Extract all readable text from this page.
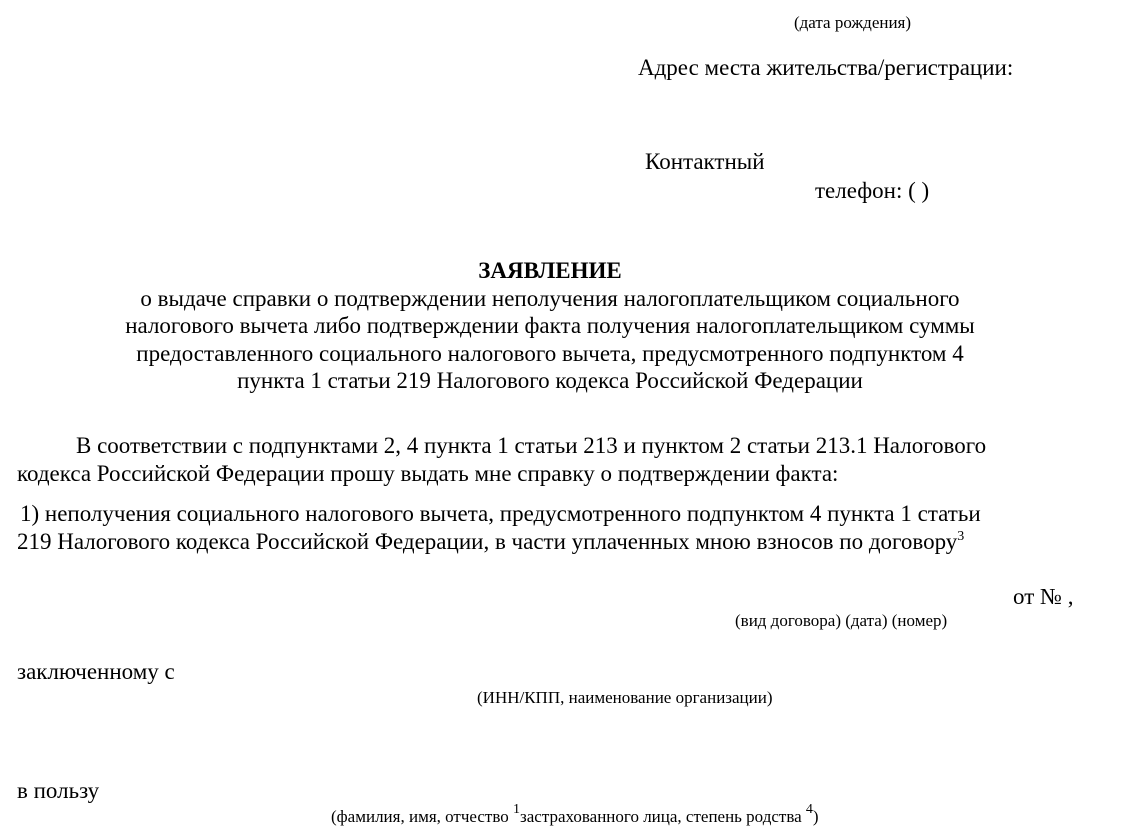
(дата рождения)
Адрес места жительства/регистрации:
Контактный
телефон: ( )
ЗАЯВЛЕНИЕ
о выдаче справки о подтверждении неполучения налогоплательщиком социального
налогового вычета либо подтверждении факта получения налогоплательщиком суммы
предоставленного социального налогового вычета, предусмотренного подпунктом 4
пункта 1 статьи 219 Налогового кодекса Российской Федерации
В соответствии с подпунктами 2, 4 пункта 1 статьи 213 и пунктом 2 статьи 213.1 Налогового
кодекса Российской Федерации прошу выдать мне справку о подтверждении факта:
1) неполучения социального налогового вычета, предусмотренного подпунктом 4 пункта 1 статьи
219 Налогового кодекса Российской Федерации, в части уплаченных мною взносов по договору$^3$
от № ,
(вид договора) (дата) (номер)
заключенному с
(ИНН/КПП, наименование организации)
в пользу
(фамилия, имя, отчество $^1$застрахованного лица, степень родства $^4$)
